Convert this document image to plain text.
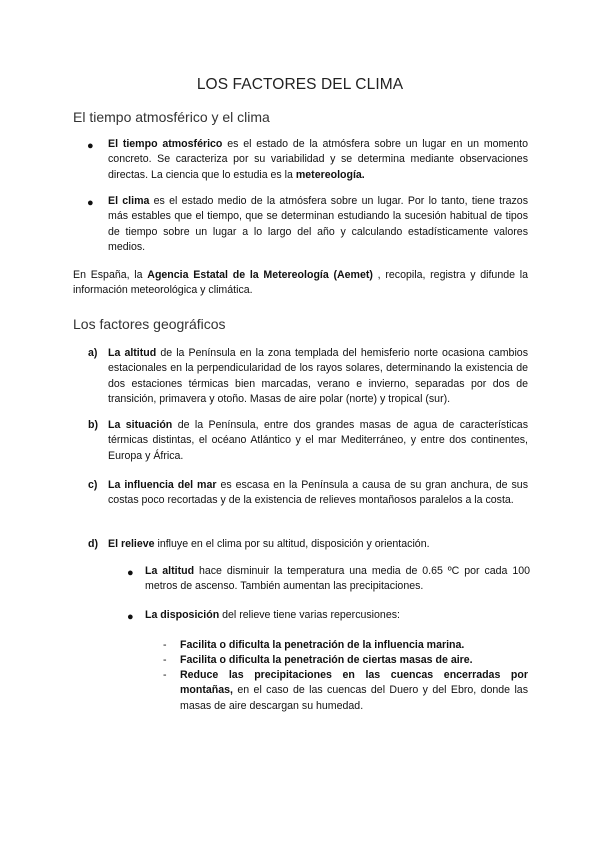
LOS FACTORES DEL CLIMA
El tiempo atmosférico y el clima
● El tiempo atmosférico es el estado de la atmósfera sobre un lugar en un momento concreto. Se caracteriza por su variabilidad y se determina mediante observaciones directas. La ciencia que lo estudia es la metereología.
● El clima es el estado medio de la atmósfera sobre un lugar. Por lo tanto, tiene trazos más estables que el tiempo, que se determinan estudiando la sucesión habitual de tipos de tiempo sobre un lugar a lo largo del año y calculando estadísticamente valores medios.
En España, la Agencia Estatal de la Metereología (Aemet) , recopila, registra y difunde la información meteorológica y climática.
Los factores geográficos
a) La altitud de la Península en la zona templada del hemisferio norte ocasiona cambios estacionales en la perpendicularidad de los rayos solares, determinando la existencia de dos estaciones térmicas bien marcadas, verano e invierno, separadas por dos de transición, primavera y otoño. Masas de aire polar (norte) y tropical (sur).
b) La situación de la Península, entre dos grandes masas de agua de características térmicas distintas, el océano Atlántico y el mar Mediterráneo, y entre dos continentes, Europa y África.
c) La influencia del mar es escasa en la Península a causa de su gran anchura, de sus costas poco recortadas y de la existencia de relieves montañosos paralelos a la costa.
d) El relieve influye en el clima por su altitud, disposición y orientación.
● La altitud hace disminuir la temperatura una media de 0.65 ºC por cada 100 metros de ascenso. También aumentan las precipitaciones.
● La disposición del relieve tiene varias repercusiones:
- Facilita o dificulta la penetración de la influencia marina.
- Facilita o dificulta la penetración de ciertas masas de aire.
- Reduce las precipitaciones en las cuencas encerradas por montañas, en el caso de las cuencas del Duero y del Ebro, donde las masas de aire descargan su humedad.
